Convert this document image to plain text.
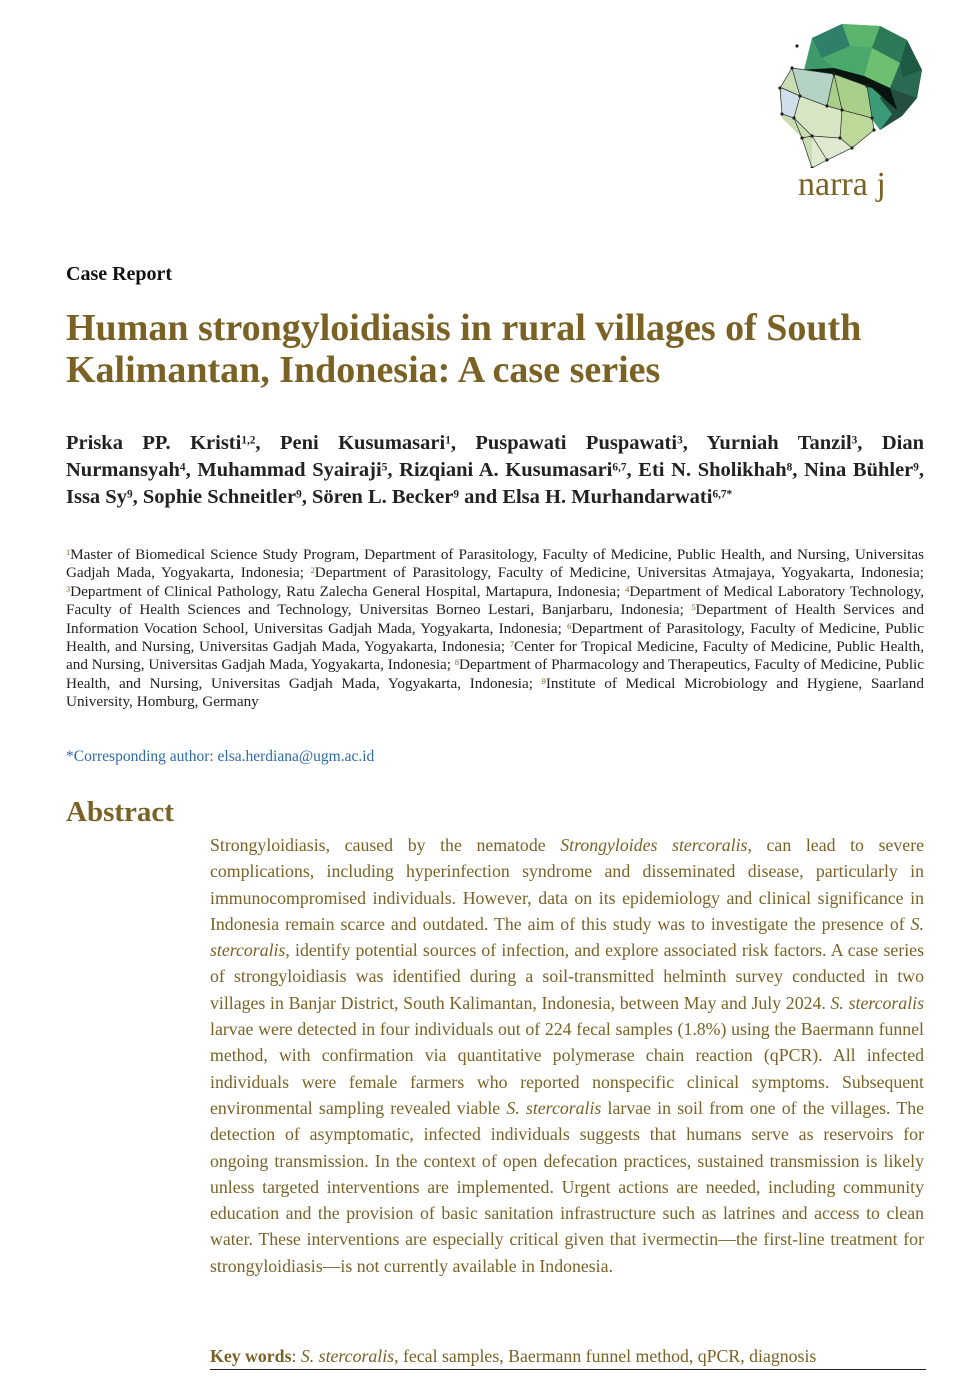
narra j
Case Report
Human strongyloidiasis in rural villages of South Kalimantan, Indonesia: A case series

Priska PP. Kristi$^{1,2}$, Peni Kusumasari$^1$, Puspawati Puspawati$^3$, Yurniah Tanzil$^3$, Dian Nurmansyah$^4$, Muhammad Syairaji$^5$, Rizqiani A. Kusumasari$^{6,7}$, Eti N. Sholikhah$^8$, Nina Bühler$^9$, Issa Sy$^9$, Sophie Schneitler$^9$, Sören L. Becker$^9$ and Elsa H. Murhandarwati$^{6,7*}$

$^1$Master of Biomedical Science Study Program, Department of Parasitology, Faculty of Medicine, Public Health, and Nursing, Universitas Gadjah Mada, Yogyakarta, Indonesia; $^2$Department of Parasitology, Faculty of Medicine, Universitas Atmajaya, Yogyakarta, Indonesia; $^3$Department of Clinical Pathology, Ratu Zalecha General Hospital, Martapura, Indonesia; $^4$Department of Medical Laboratory Technology, Faculty of Health Sciences and Technology, Universitas Borneo Lestari, Banjarbaru, Indonesia; $^5$Department of Health Services and Information Vocation School, Universitas Gadjah Mada, Yogyakarta, Indonesia; $^6$Department of Parasitology, Faculty of Medicine, Public Health, and Nursing, Universitas Gadjah Mada, Yogyakarta, Indonesia; $^7$Center for Tropical Medicine, Faculty of Medicine, Public Health, and Nursing, Universitas Gadjah Mada, Yogyakarta, Indonesia; $^8$Department of Pharmacology and Therapeutics, Faculty of Medicine, Public Health, and Nursing, Universitas Gadjah Mada, Yogyakarta, Indonesia; $^9$Institute of Medical Microbiology and Hygiene, Saarland University, Homburg, Germany

*Corresponding author: elsa.herdiana@ugm.ac.id
Abstract

Strongyloidiasis, caused by the nematode Strongyloides stercoralis, can lead to severe complications, including hyperinfection syndrome and disseminated disease, particularly in immunocompromised individuals. However, data on its epidemiology and clinical significance in Indonesia remain scarce and outdated. The aim of this study was to investigate the presence of S. stercoralis, identify potential sources of infection, and explore associated risk factors. A case series of strongyloidiasis was identified during a soil-transmitted helminth survey conducted in two villages in Banjar District, South Kalimantan, Indonesia, between May and July 2024. S. stercoralis larvae were detected in four individuals out of 224 fecal samples (1.8%) using the Baermann funnel method, with confirmation via quantitative polymerase chain reaction (qPCR). All infected individuals were female farmers who reported nonspecific clinical symptoms. Subsequent environmental sampling revealed viable S. stercoralis larvae in soil from one of the villages. The detection of asymptomatic, infected individuals suggests that humans serve as reservoirs for ongoing transmission. In the context of open defecation practices, sustained transmission is likely unless targeted interventions are implemented. Urgent actions are needed, including community education and the provision of basic sanitation infrastructure such as latrines and access to clean water. These interventions are especially critical given that ivermectin—the first-line treatment for strongyloidiasis—is not currently available in Indonesia.

Key words: S. stercoralis, fecal samples, Baermann funnel method, qPCR, diagnosis
